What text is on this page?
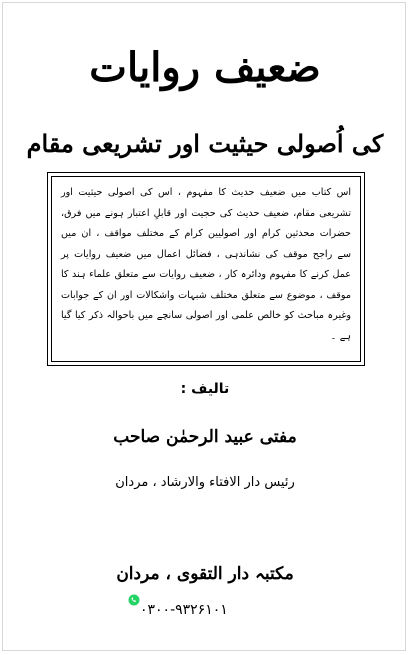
ضعیف روایات
کی اُصولی حیثیت اور تشریعی مقام
اس کتاب میں ضعیف حدیث کا مفہوم ، اس کی اصولی حیثیت اور تشریعی مقام، ضعیف حدیث کی حجیت اور قابلِ اعتبار ہونے میں فرق، حضرات محدثین کرام اور اصولیین کرام کے مختلف مواقف ، ان میں سے راجح موقف کی نشاندہی ، فضائل اعمال میں ضعیف روایات پر عمل کرنے کا مفہوم ودائرہ کار ، ضعیف روایات سے متعلق علماء ہند کا موقف ، موضوع سے متعلق مختلف شبہات واشکالات اور ان کے جوابات وغیرہ مباحث کو خالص علمی اور اصولی سانچے میں باحوالہ ذکر کیا گیا ہے ۔
تالیف :
مفتی عبید الرحمٰن صاحب
رئیس دار الافتاء والارشاد ، مردان
مکتبہ دار التقوی ، مردان
۰۳۰۰-۹۳۲۶۱۰۱
